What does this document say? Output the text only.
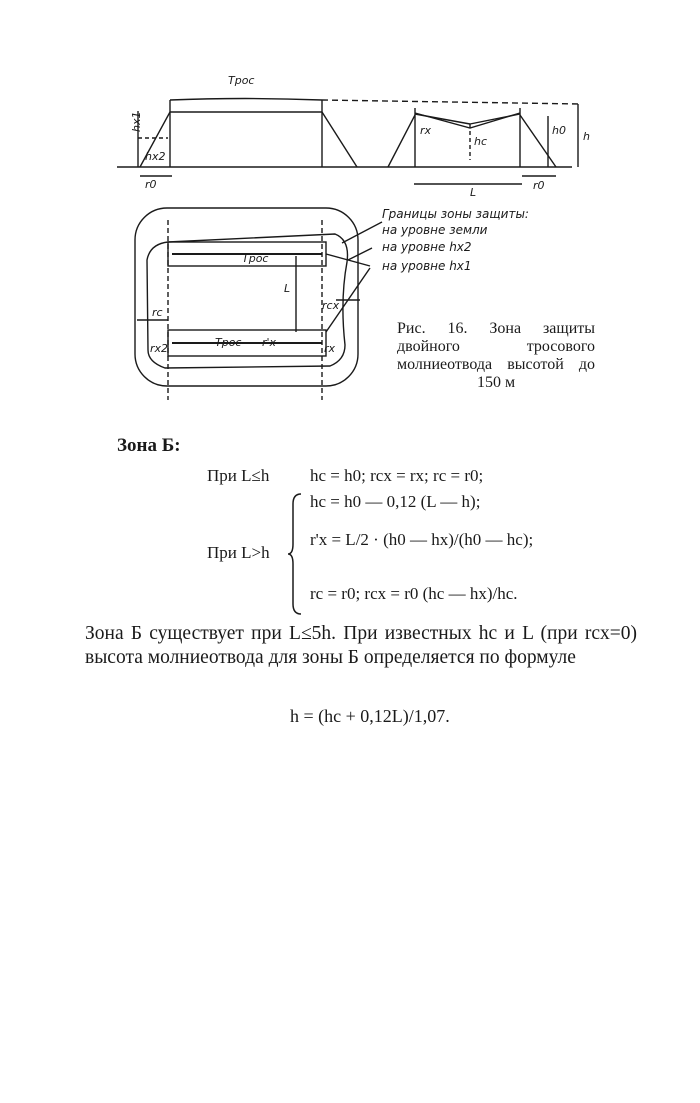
Трос
hx1
hx2
r0
rx
hc
h0 h
L
r0
Трос
Трос
L
rcx
rc
rx2	r'x	rx
Границы зоны защиты:
на уровне земли
на уровне hx2
на уровне hx1
Рис. 16. Зона защиты двойного тросового молниеотвода высотой до 150 м
Зона Б:
При L≤h hc = h0; rcx = rx; rc = r0;
При L>h
hc = h0 — 0,12 (L — h);
r'x = L/2 · (h0 — hx)/(h0 — hc);
rc = r0; rcx = r0 (hc — hx)/hc.
Зона Б существует при L≤5h. При известных hc и L (при rcx=0) высота молниеотвода для зоны Б определяется по формуле
h = (hc + 0,12L)/1,07.
